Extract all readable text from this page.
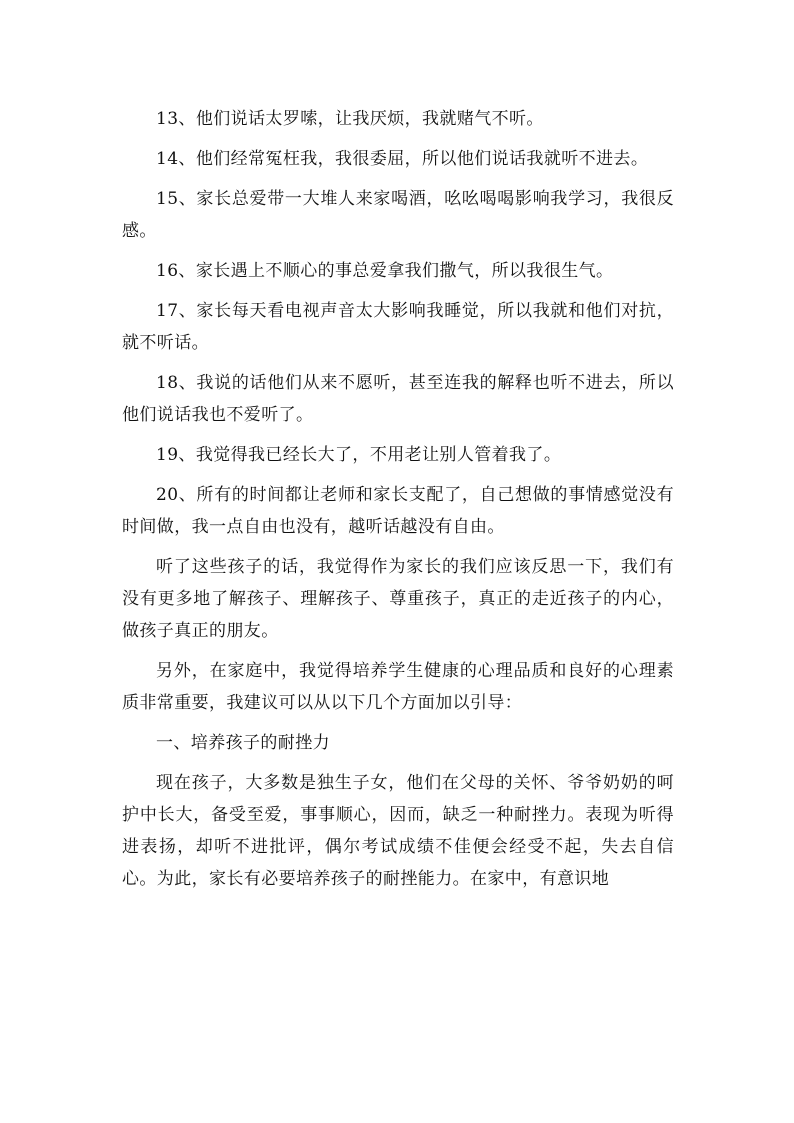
13、他们说话太罗嗦，让我厌烦，我就赌气不听。

14、他们经常冤枉我，我很委屈，所以他们说话我就听不进去。

15、家长总爱带一大堆人来家喝酒，吆吆喝喝影响我学习，我很反感。

16、家长遇上不顺心的事总爱拿我们撒气，所以我很生气。

17、家长每天看电视声音太大影响我睡觉，所以我就和他们对抗，就不听话。

18、我说的话他们从来不愿听，甚至连我的解释也听不进去，所以他们说话我也不爱听了。

19、我觉得我已经长大了，不用老让别人管着我了。

20、所有的时间都让老师和家长支配了，自己想做的事情感觉没有时间做，我一点自由也没有，越听话越没有自由。

听了这些孩子的话，我觉得作为家长的我们应该反思一下，我们有没有更多地了解孩子、理解孩子、尊重孩子，真正的走近孩子的内心，做孩子真正的朋友。

另外，在家庭中，我觉得培养学生健康的心理品质和良好的心理素质非常重要，我建议可以从以下几个方面加以引导：

一、培养孩子的耐挫力

现在孩子，大多数是独生子女，他们在父母的关怀、爷爷奶奶的呵护中长大，备受至爱，事事顺心，因而，缺乏一种耐挫力。表现为听得进表扬，却听不进批评，偶尔考试成绩不佳便会经受不起，失去自信心。为此，家长有必要培养孩子的耐挫能力。在家中，有意识地
